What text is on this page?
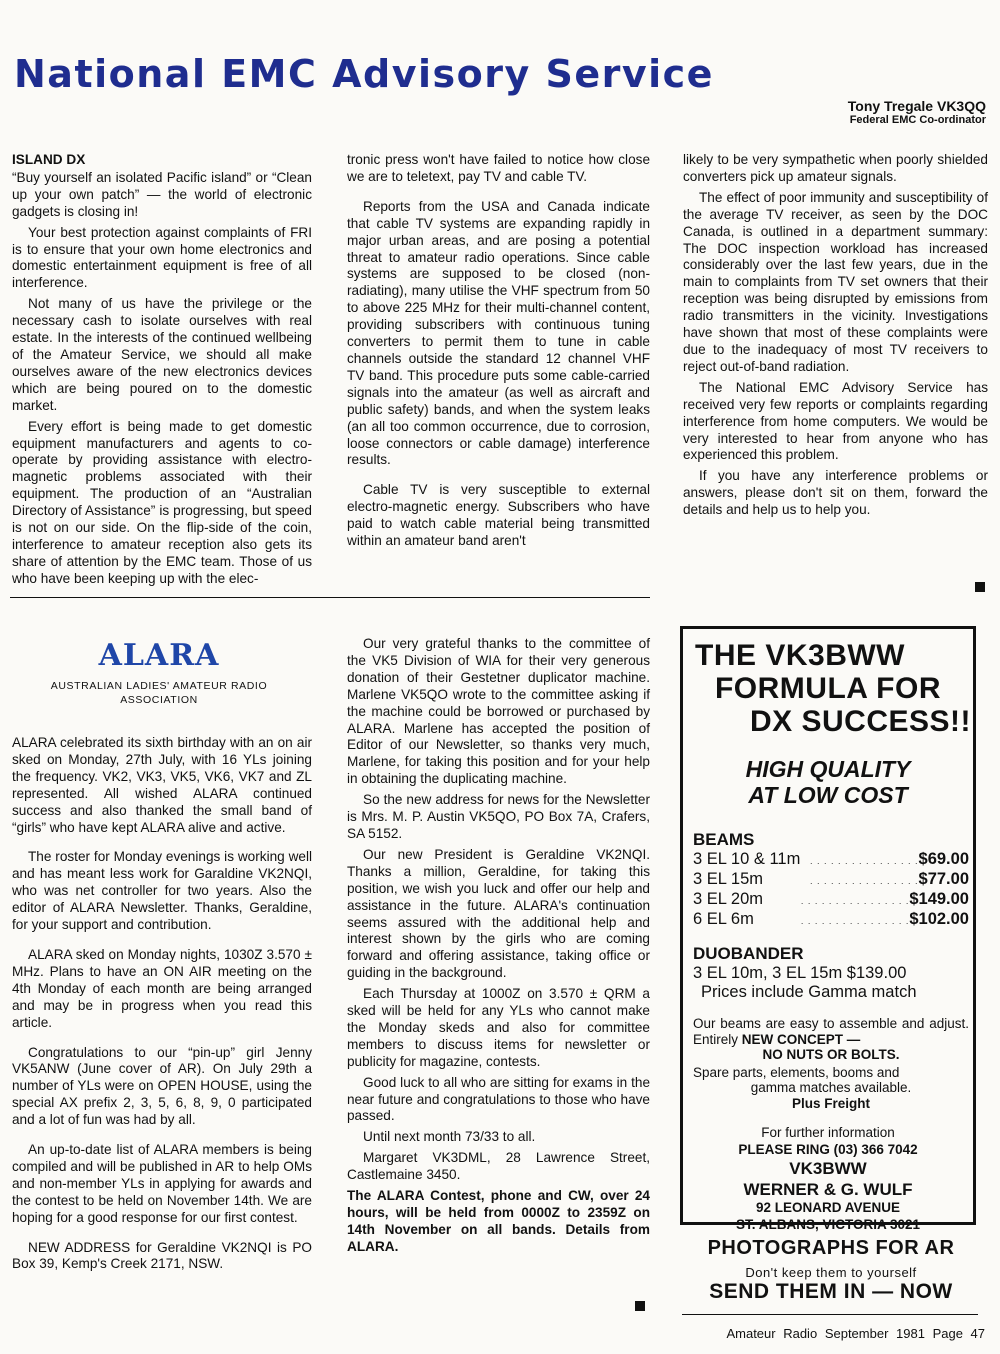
National EMC Advisory Service
Tony Tregale VK3QQ
Federal EMC Co-ordinator
ISLAND DX

“Buy yourself an isolated Pacific island” or “Clean up your own patch” — the world of electronic gadgets is closing in!

Your best protection against complaints of FRI is to ensure that your own home electronics and domestic entertainment equipment is free of all interference.

Not many of us have the privilege or the necessary cash to isolate ourselves with real estate. In the interests of the continued wellbeing of the Amateur Service, we should all make ourselves aware of the new electronics devices which are being poured on to the domestic market.

Every effort is being made to get domestic equipment manufacturers and agents to co-operate by providing assistance with electro-magnetic problems associated with their equipment. The production of an “Australian Directory of Assistance” is progressing, but speed is not on our side. On the flip-side of the coin, interference to amateur reception also gets its share of attention by the EMC team. Those of us who have been keeping up with the elec-

tronic press won't have failed to notice how close we are to teletext, pay TV and cable TV.

Reports from the USA and Canada indicate that cable TV systems are expanding rapidly in major urban areas, and are posing a potential threat to amateur radio operations. Since cable systems are supposed to be closed (non-radiating), many utilise the VHF spectrum from 50 to above 225 MHz for their multi-channel content, providing subscribers with continuous tuning converters to permit them to tune in cable channels outside the standard 12 channel VHF TV band. This procedure puts some cable-carried signals into the amateur (as well as aircraft and public safety) bands, and when the system leaks (an all too common occurrence, due to corrosion, loose connectors or cable damage) interference results.

Cable TV is very susceptible to external electro-magnetic energy. Subscribers who have paid to watch cable material being transmitted within an amateur band aren't

likely to be very sympathetic when poorly shielded converters pick up amateur signals.

The effect of poor immunity and susceptibility of the average TV receiver, as seen by the DOC Canada, is outlined in a department summary: The DOC inspection workload has increased considerably over the last few years, due in the main to complaints from TV set owners that their reception was being disrupted by emissions from radio transmitters in the vicinity. Investigations have shown that most of these complaints were due to the inadequacy of most TV receivers to reject out-of-band radiation.

The National EMC Advisory Service has received very few reports or complaints regarding interference from home computers. We would be very interested to hear from anyone who has experienced this problem.

If you have any interference problems or answers, please don't sit on them, forward the details and help us to help you.

ALARA
AUSTRALIAN LADIES' AMATEUR RADIO ASSOCIATION

ALARA celebrated its sixth birthday with an on air sked on Monday, 27th July, with 16 YLs joining the frequency. VK2, VK3, VK5, VK6, VK7 and ZL represented. All wished ALARA continued success and also thanked the small band of “girls” who have kept ALARA alive and active.

The roster for Monday evenings is working well and has meant less work for Garaldine VK2NQI, who was net controller for two years. Also the editor of ALARA Newsletter. Thanks, Geraldine, for your support and contribution.

ALARA sked on Monday nights, 1030Z 3.570 ± MHz. Plans to have an ON AIR meeting on the 4th Monday of each month are being arranged and may be in progress when you read this article.

Congratulations to our “pin-up” girl Jenny VK5ANW (June cover of AR). On July 29th a number of YLs were on OPEN HOUSE, using the special AX prefix 2, 3, 5, 6, 8, 9, 0 participated and a lot of fun was had by all.

An up-to-date list of ALARA members is being compiled and will be published in AR to help OMs and non-member YLs in applying for awards and the contest to be held on November 14th. We are hoping for a good response for our first contest.

NEW ADDRESS for Geraldine VK2NQI is PO Box 39, Kemp's Creek 2171, NSW.

Our very grateful thanks to the committee of the VK5 Division of WIA for their very generous donation of their Gestetner duplicator machine. Marlene VK5QO wrote to the committee asking if the machine could be borrowed or purchased by ALARA. Marlene has accepted the position of Editor of our Newsletter, so thanks very much, Marlene, for taking this position and for your help in obtaining the duplicating machine.

So the new address for news for the Newsletter is Mrs. M. P. Austin VK5QO, PO Box 7A, Crafers, SA 5152.

Our new President is Geraldine VK2NQI. Thanks a million, Geraldine, for taking this position, we wish you luck and offer our help and assistance in the future. ALARA's continuation seems assured with the additional help and interest shown by the girls who are coming forward and offering assistance, taking office or guiding in the background.

Each Thursday at 1000Z on 3.570 ± QRM a sked will be held for any YLs who cannot make the Monday skeds and also for committee members to discuss items for newsletter or publicity for magazine, contests.

Good luck to all who are sitting for exams in the near future and congratulations to those who have passed.

Until next month 73/33 to all.

Margaret VK3DML, 28 Lawrence Street, Castlemaine 3450.

The ALARA Contest, phone and CW, over 24 hours, will be held from 0000Z to 2359Z on 14th November on all bands. Details from ALARA.

THE VK3BWW
FORMULA FOR
DX SUCCESS!!
HIGH QUALITY
AT LOW COST
BEAMS
3 EL 10 & 11m	. . . . . . . . . . . . . . . . $69.00
3 EL 15m	. . . . . . . . . . . . . . . . $77.00
3 EL 20m	. . . . . . . . . . . . . . . . $149.00
6 EL 6m	. . . . . . . . . . . . . . . . $102.00
DUOBANDER
3 EL 10m, 3 EL 15m $139.00
Prices include Gamma match
Our beams are easy to assemble and adjust. Entirely NEW CONCEPT —
NO NUTS OR BOLTS.
Spare parts, elements, booms and
gamma matches available.
Plus Freight
For further information
PLEASE RING (03) 366 7042
VK3BWW
WERNER & G. WULF
92 LEONARD AVENUE
ST. ALBANS, VICTORIA 3021
PHOTOGRAPHS FOR AR
Don't keep them to yourself
SEND THEM IN — NOW
Amateur Radio September 1981 Page 47
